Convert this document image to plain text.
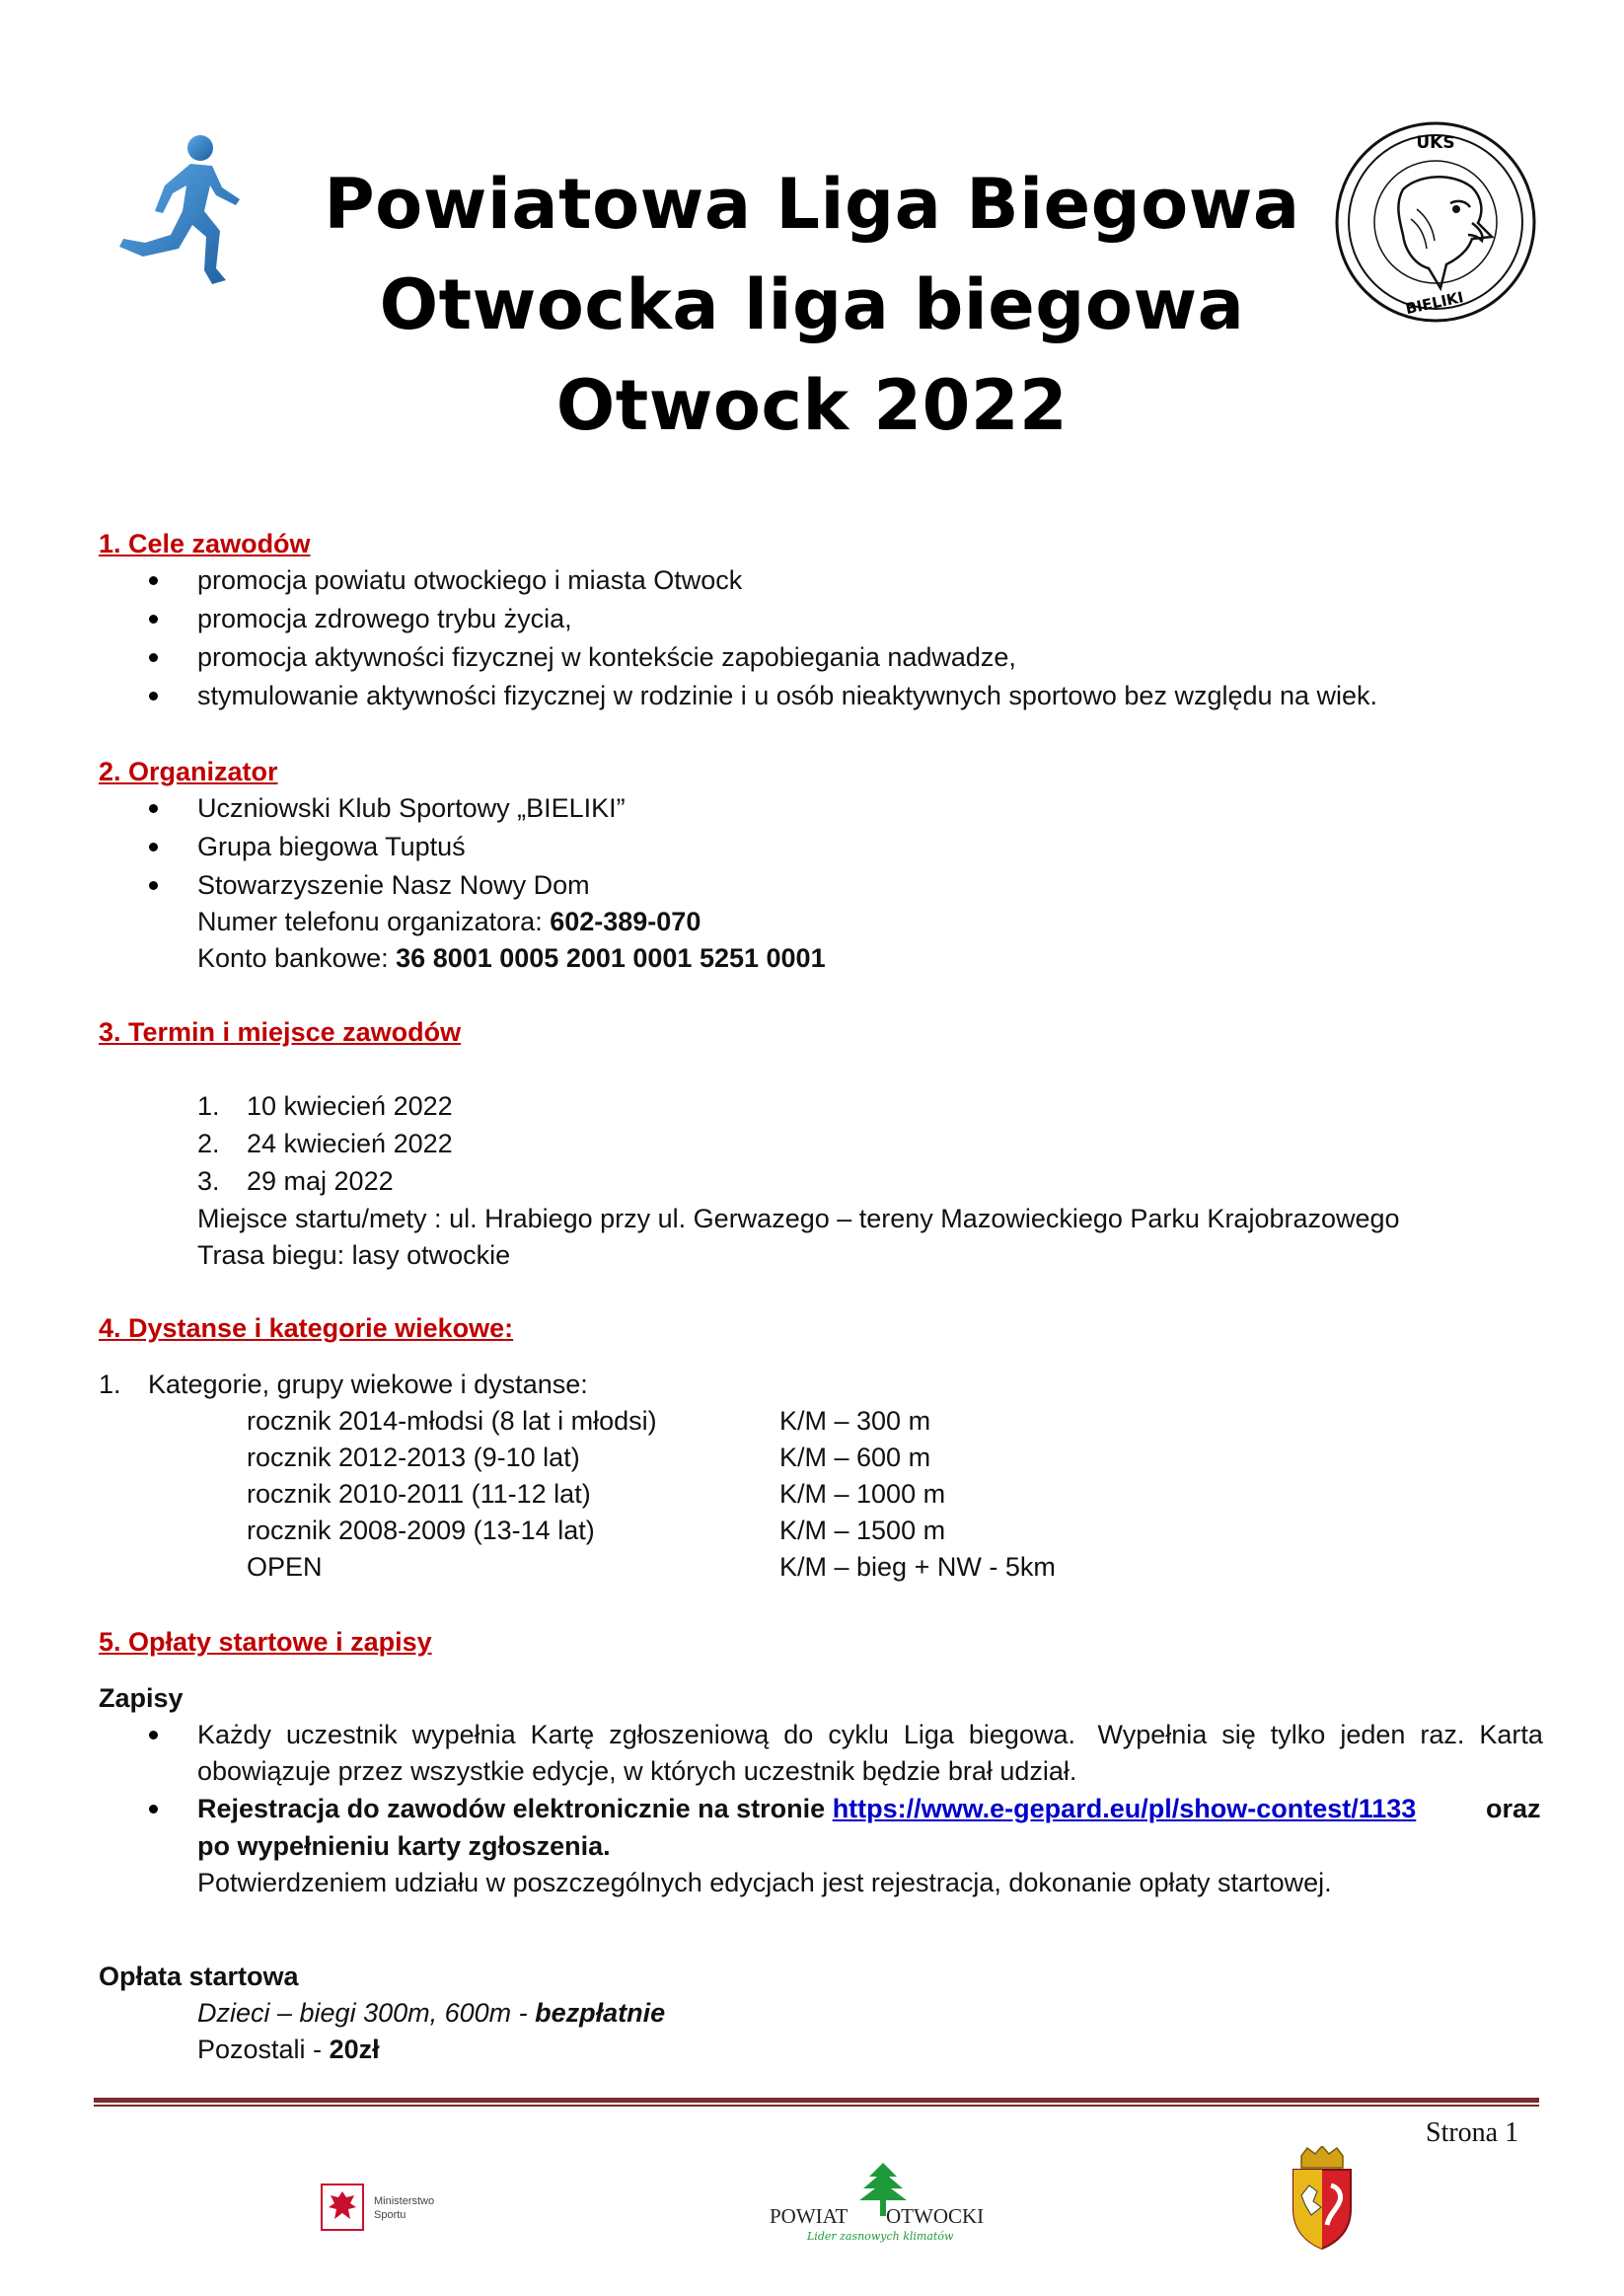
Powiatowa Liga Biegowa
Otwocka liga biegowa
Otwock 2022
UKS
BIELIKI
1. Cele zawodów
promocja powiatu otwockiego i miasta Otwock
promocja zdrowego trybu życia,
promocja aktywności fizycznej w kontekście zapobiegania nadwadze,
stymulowanie aktywności fizycznej w rodzinie i u osób nieaktywnych sportowo bez względu na wiek.
2. Organizator
Uczniowski Klub Sportowy „BIELIKI”
Grupa biegowa Tuptuś
Stowarzyszenie Nasz Nowy Dom
Numer telefonu organizatora: 602-389-070
Konto bankowe: 36 8001 0005 2001 0001 5251 0001
3. Termin i miejsce zawodów
1. 10 kwiecień 2022
2. 24 kwiecień 2022
3. 29 maj 2022
Miejsce startu/mety : ul. Hrabiego przy ul. Gerwazego – tereny Mazowieckiego Parku Krajobrazowego
Trasa biegu: lasy otwockie
4. Dystanse i kategorie wiekowe:
1. Kategorie, grupy wiekowe i dystanse:
rocznik 2014-młodsi (8 lat i młodsi)	K/M – 300 m
rocznik 2012-2013 (9-10 lat)	K/M – 600 m
rocznik 2010-2011 (11-12 lat)	K/M – 1000 m
rocznik 2008-2009 (13-14 lat)	K/M – 1500 m
OPEN	K/M – bieg + NW - 5km
5. Opłaty startowe i zapisy
Zapisy
Każdy  uczestnik  wypełnia  Kartę  zgłoszeniową  do  cyklu  Liga  biegowa.   Wypełnia  się  tylko  jeden  raz.  Karta
obowiązuje przez wszystkie edycje, w których uczestnik będzie brał udział.
Rejestracja do zawodów elektronicznie na stronie https://www.e-gepard.eu/pl/show-contest/1133	oraz
po wypełnieniu karty zgłoszenia.
Potwierdzeniem udziału w poszczególnych edycjach jest rejestracja, dokonanie opłaty startowej.
Opłata startowa
Dzieci – biegi 300m, 600m - bezpłatnie
Pozostali - 20zł
Strona 1
Ministerstwo
Sportu	POWIAT OTWOCKI
Lider zasnowych klimatów
